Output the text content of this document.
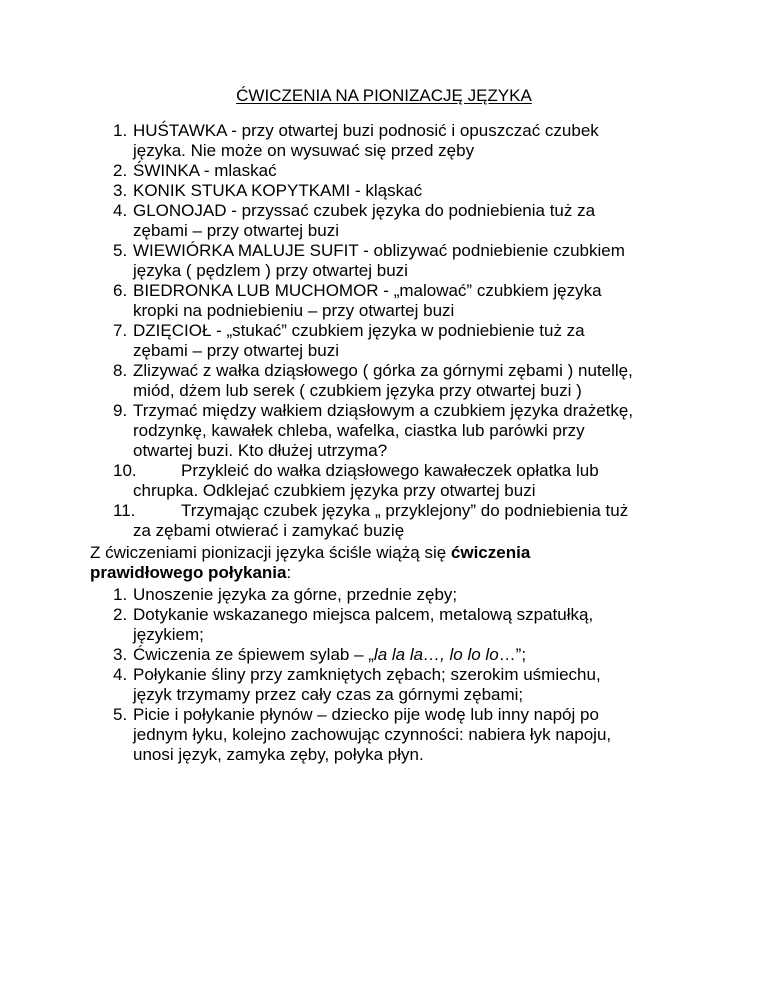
ĆWICZENIA NA PIONIZACJĘ JĘZYKA
1. HUŚTAWKA - przy otwartej buzi podnosić i opuszczać czubek
języka. Nie może on wysuwać się przed zęby
2. ŚWINKA - mlaskać
3. KONIK STUKA KOPYTKAMI - kląskać
4. GLONOJAD - przyssać czubek języka do podniebienia tuż za
zębami – przy otwartej buzi
5. WIEWIÓRKA MALUJE SUFIT - oblizywać podniebienie czubkiem
języka ( pędzlem ) przy otwartej buzi
6. BIEDRONKA LUB MUCHOMOR - „malować” czubkiem języka
kropki na podniebieniu – przy otwartej buzi
7. DZIĘCIOŁ - „stukać” czubkiem języka w podniebienie tuż za
zębami – przy otwartej buzi
8. Zlizywać z wałka dziąsłowego ( górka za górnymi zębami ) nutellę,
miód, dżem lub serek ( czubkiem języka przy otwartej buzi )
9. Trzymać między wałkiem dziąsłowym a czubkiem języka drażetkę,
rodzynkę, kawałek chleba, wafelka, ciastka lub parówki przy
otwartej buzi. Kto dłużej utrzyma?
10.	Przykleić do wałka dziąsłowego kawałeczek opłatka lub
chrupka. Odklejać czubkiem języka przy otwartej buzi
11.	Trzymając czubek języka „ przyklejony” do podniebienia tuż
za zębami otwierać i zamykać buzię

Z ćwiczeniami pionizacji języka ściśle wiążą się ćwiczenia

prawidłowego połykania:

1. Unoszenie języka za górne, przednie zęby;
2. Dotykanie wskazanego miejsca palcem, metalową szpatułką,
językiem;
3. Ćwiczenia ze śpiewem sylab – „la la la…, lo lo lo…”;
4. Połykanie śliny przy zamkniętych zębach; szerokim uśmiechu,
język trzymamy przez cały czas za górnymi zębami;
5. Picie i połykanie płynów – dziecko pije wodę lub inny napój po
jednym łyku, kolejno zachowując czynności: nabiera łyk napoju,
unosi język, zamyka zęby, połyka płyn.
